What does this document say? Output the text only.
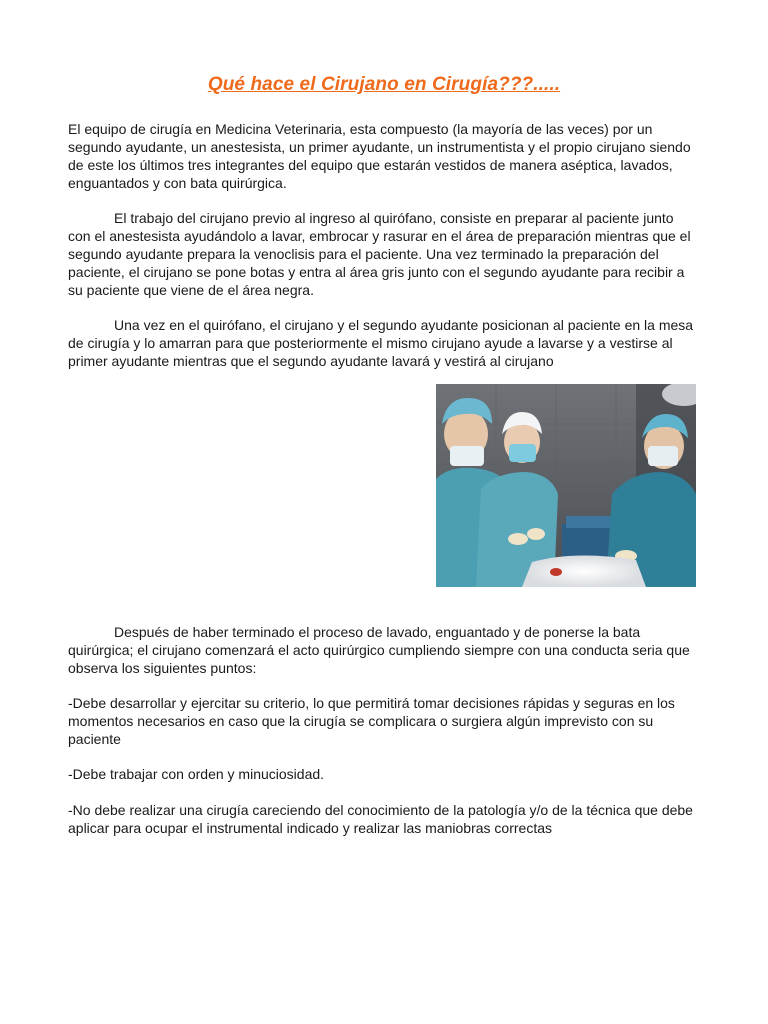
Qué hace el Cirujano en Cirugía???.....

El equipo de cirugía en Medicina Veterinaria, esta compuesto (la mayoría de las veces) por un segundo ayudante, un anestesista, un primer ayudante, un instrumentista y el propio cirujano siendo de este los últimos tres integrantes del equipo que estarán vestidos de manera aséptica, lavados, enguantados y con bata quirúrgica.

El trabajo del cirujano previo al ingreso al quirófano, consiste en preparar al paciente junto con el anestesista ayudándolo a lavar, embrocar y rasurar en el área de preparación mientras que el segundo ayudante prepara la venoclisis para el paciente. Una vez terminado la preparación del paciente, el cirujano se pone botas y entra al área gris junto con el segundo ayudante para recibir a su paciente que viene de el área negra.

Una vez en el quirófano, el cirujano y el segundo ayudante posicionan al paciente en la mesa de cirugía y lo amarran para que posteriormente el mismo cirujano ayude a lavarse y a vestirse al primer ayudante mientras que el segundo ayudante lavará y vestirá al cirujano

Después de haber terminado el proceso de lavado, enguantado y de ponerse la bata quirúrgica; el cirujano comenzará el acto quirúrgico cumpliendo siempre con una conducta seria que observa los siguientes puntos:

-Debe desarrollar y ejercitar su criterio, lo que permitirá tomar decisiones rápidas y seguras en los momentos necesarios en caso que la cirugía se complicara o surgiera algún imprevisto con su paciente

-Debe trabajar con orden y minuciosidad.

-No debe realizar una cirugía careciendo del conocimiento de la patología y/o de la técnica que debe aplicar para ocupar el instrumental indicado y realizar las maniobras correctas
